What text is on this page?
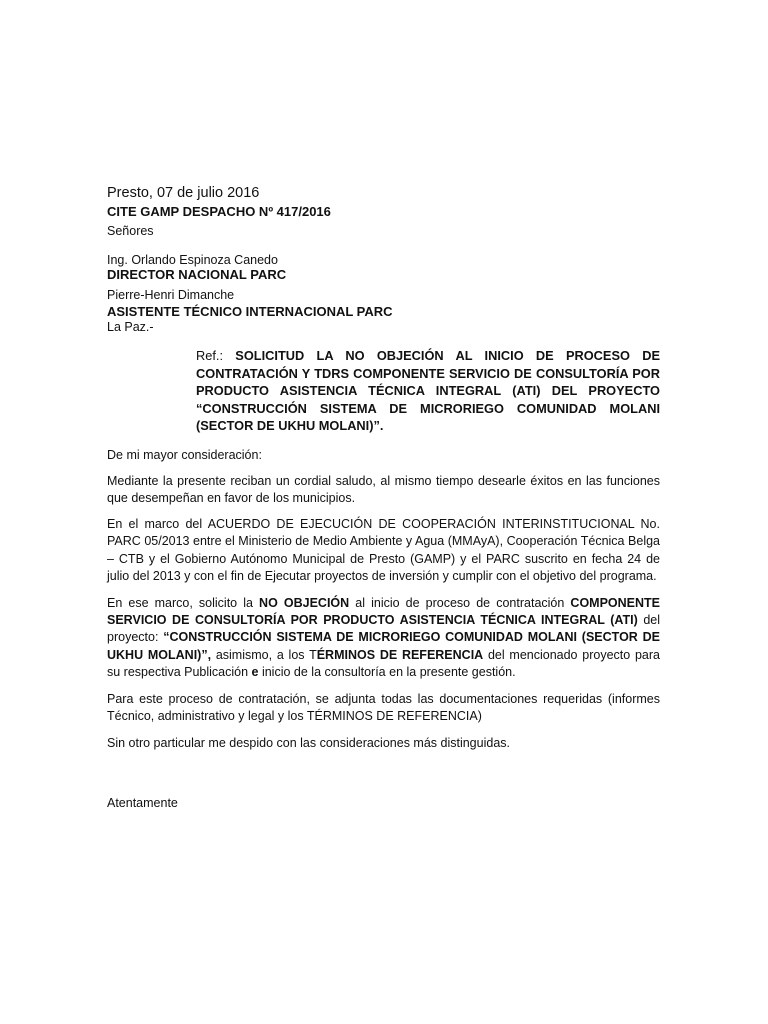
Presto, 07 de julio 2016

CITE GAMP DESPACHO Nº 417/2016

Señores

Ing. Orlando Espinoza Canedo

DIRECTOR NACIONAL PARC

Pierre-Henri Dimanche

ASISTENTE TÉCNICO INTERNACIONAL PARC

La Paz.-

Ref.: SOLICITUD LA NO OBJECIÓN AL INICIO DE PROCESO DE CONTRATACIÓN Y TDRS COMPONENTE SERVICIO DE CONSULTORÍA POR PRODUCTO ASISTENCIA TÉCNICA INTEGRAL (ATI) DEL PROYECTO “CONSTRUCCIÓN SISTEMA DE MICRORIEGO COMUNIDAD MOLANI (SECTOR DE UKHU MOLANI)”.

De mi mayor consideración:

Mediante la presente reciban un cordial saludo, al mismo tiempo desearle éxitos en las funciones que desempeñan en favor de los municipios.

En el marco del ACUERDO DE EJECUCIÓN DE COOPERACIÓN INTERINSTITUCIONAL No. PARC 05/2013 entre el Ministerio de Medio Ambiente y Agua (MMAyA), Cooperación Técnica Belga – CTB y el Gobierno Autónomo Municipal de Presto (GAMP) y el PARC suscrito en fecha 24 de julio del 2013 y con el fin de Ejecutar proyectos de inversión y cumplir con el objetivo del programa.

En ese marco, solicito la NO OBJECIÓN al inicio de proceso de contratación COMPONENTE SERVICIO DE CONSULTORÍA POR PRODUCTO ASISTENCIA TÉCNICA INTEGRAL (ATI) del proyecto: “CONSTRUCCIÓN SISTEMA DE MICRORIEGO COMUNIDAD MOLANI (SECTOR DE UKHU MOLANI)”, asimismo, a los TÉRMINOS DE REFERENCIA del mencionado proyecto para su respectiva Publicación e inicio de la consultoría en la presente gestión.

Para este proceso de contratación, se adjunta todas las documentaciones requeridas (informes Técnico, administrativo y legal y los TÉRMINOS DE REFERENCIA)

Sin otro particular me despido con las consideraciones más distinguidas.

Atentamente
